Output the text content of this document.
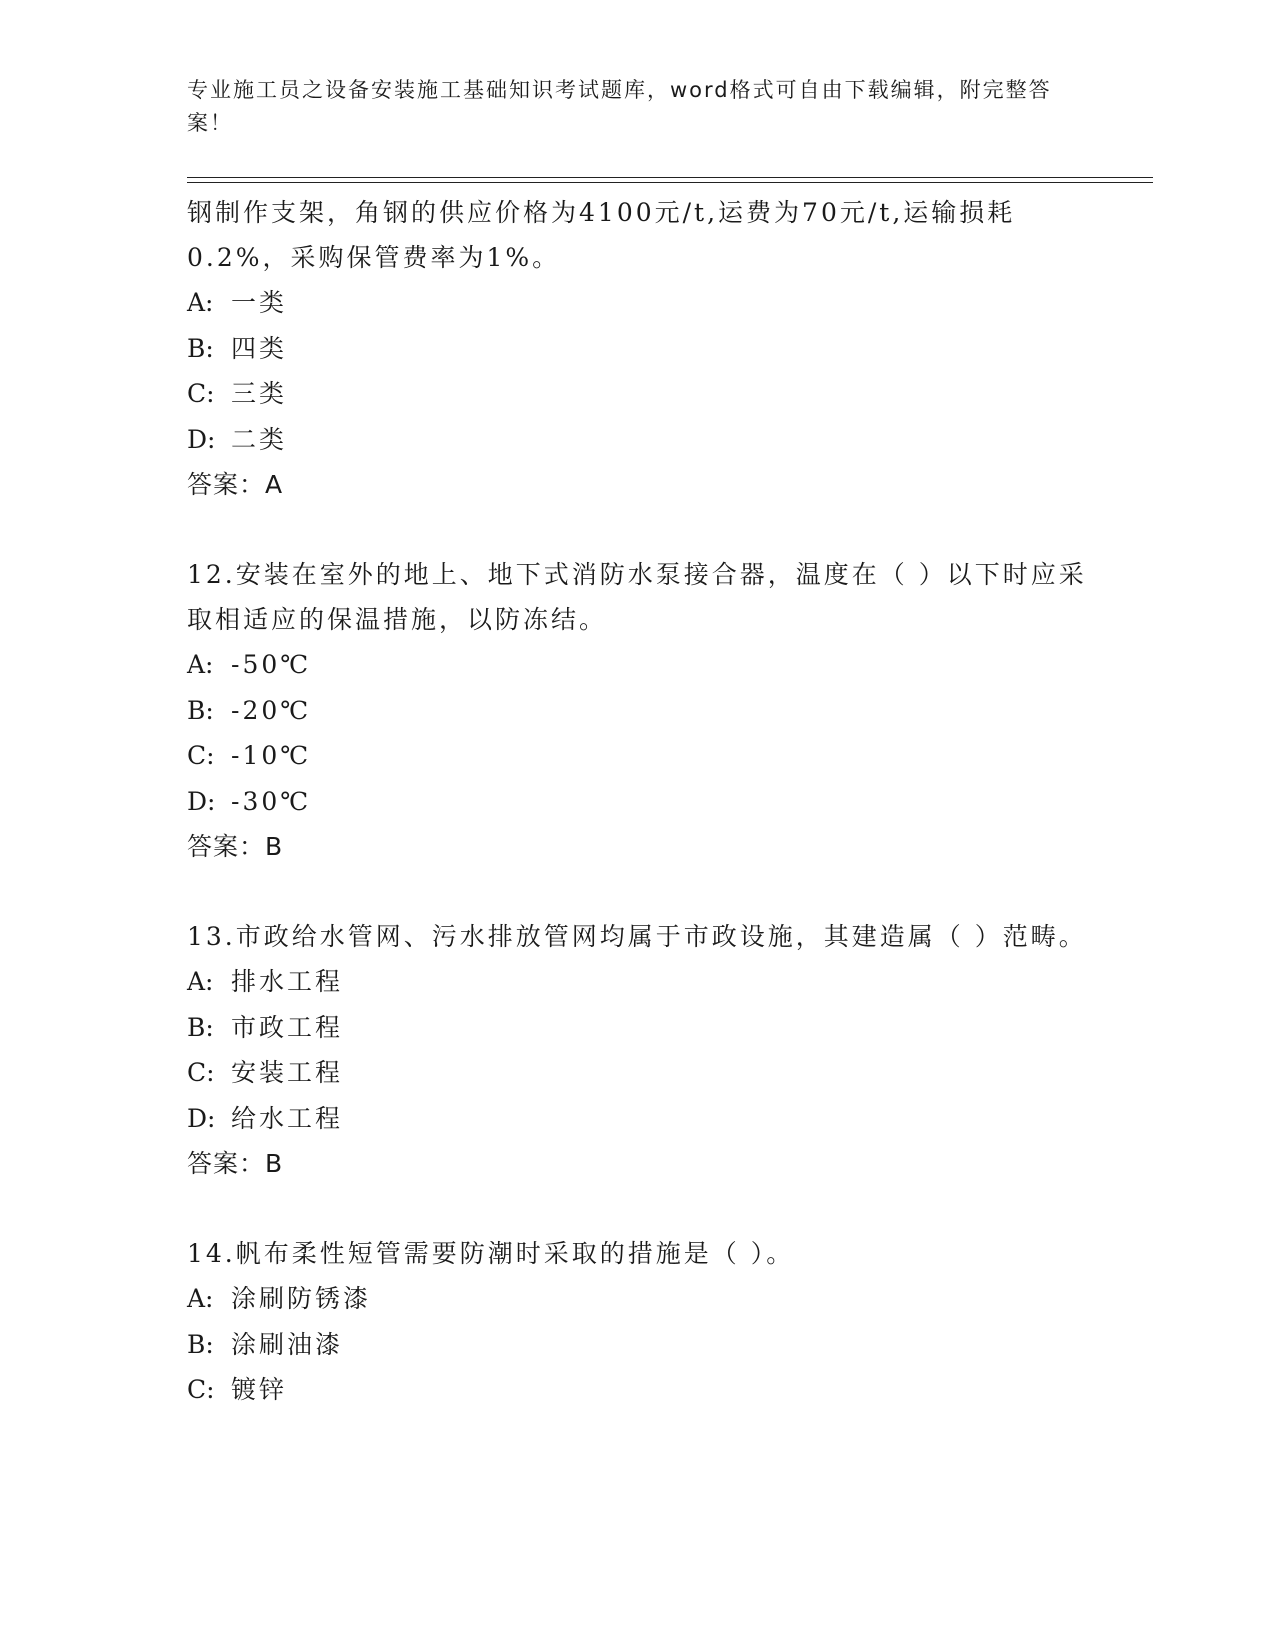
专业施工员之设备安装施工基础知识考试题库，word格式可自由下载编辑，附完整答案！

钢制作支架，角钢的供应价格为4100元/t,运费为70元/t,运输损耗0.2%，采购保管费率为1%。

A: 一类

B: 四类

C: 三类

D: 二类

答案：A

12.安装在室外的地上、地下式消防水泵接合器，温度在（ ）以下时应采取相适应的保温措施，以防冻结。

A: -50℃

B: -20℃

C: -10℃

D: -30℃

答案：B

13.市政给水管网、污水排放管网均属于市政设施，其建造属（ ）范畴。

A: 排水工程

B: 市政工程

C: 安装工程

D: 给水工程

答案：B

14.帆布柔性短管需要防潮时采取的措施是（ ）。

A: 涂刷防锈漆

B: 涂刷油漆

C: 镀锌
